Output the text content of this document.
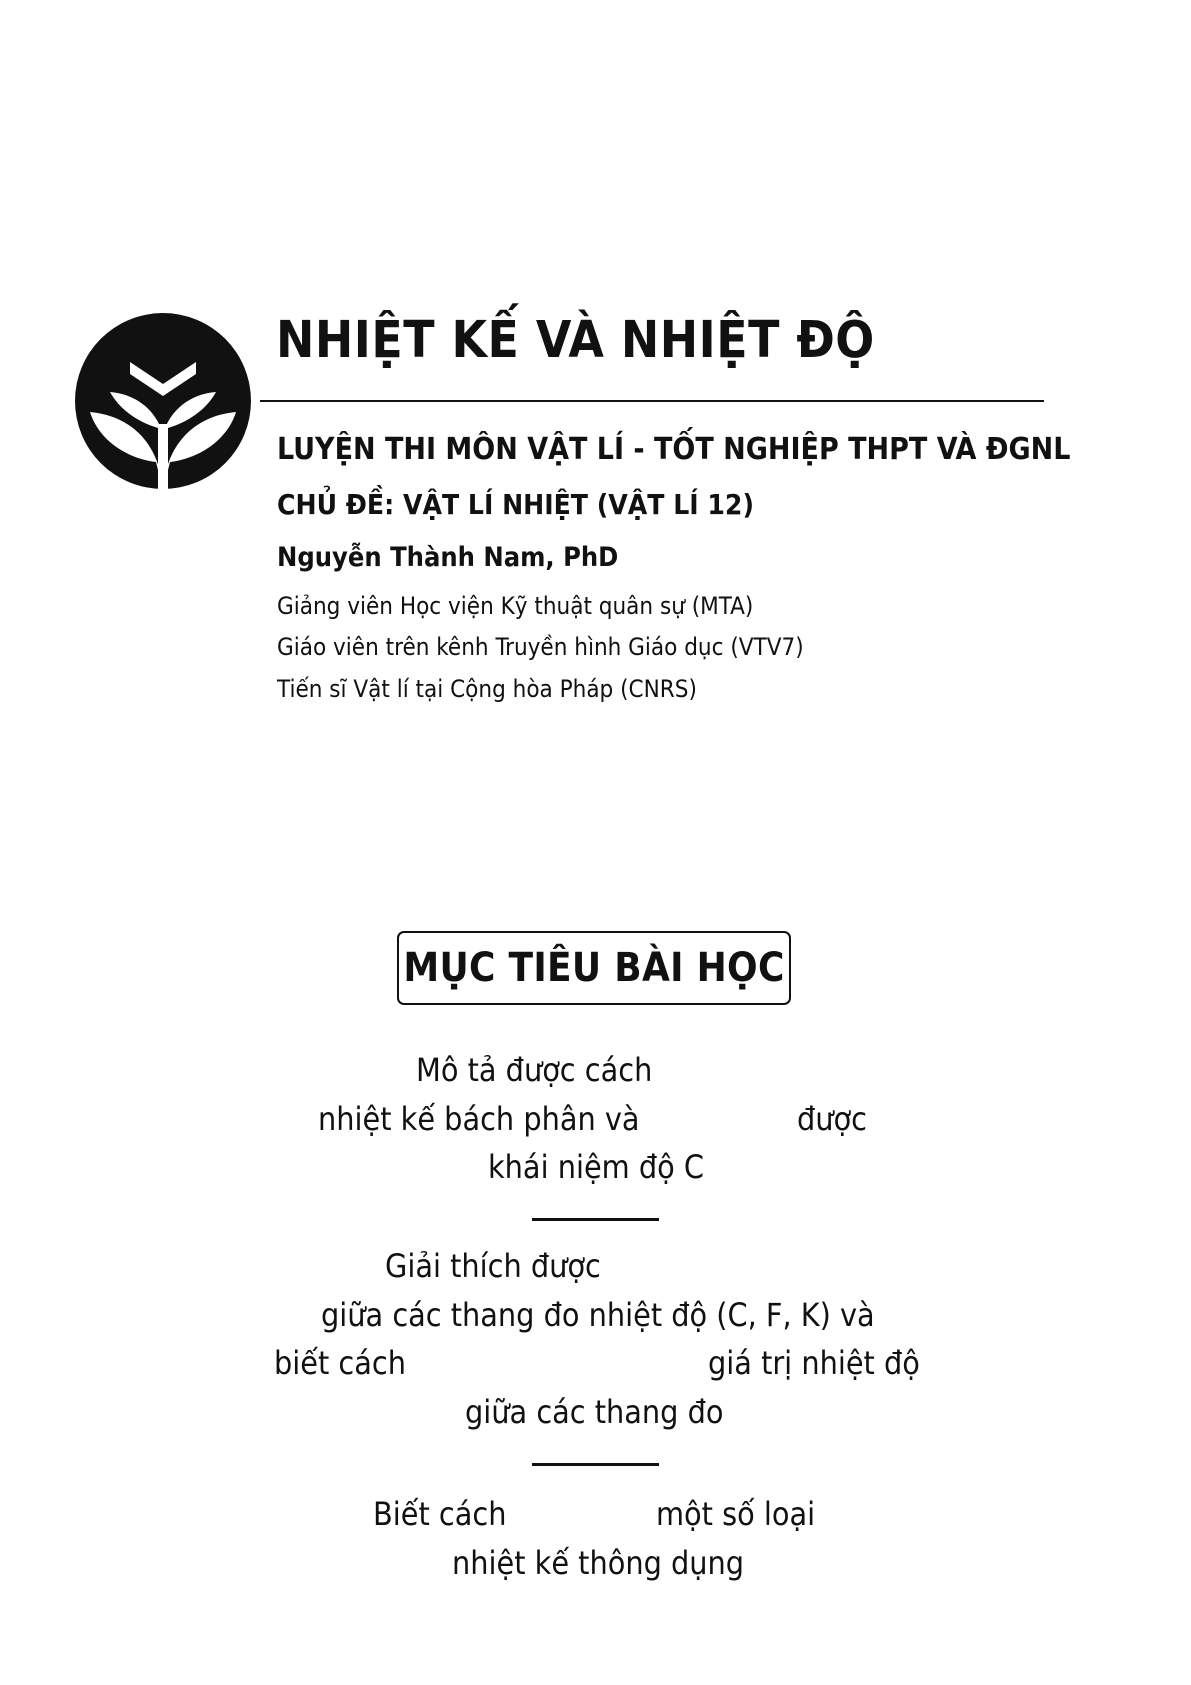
NHIỆT KẾ VÀ NHIỆT ĐỘ

LUYỆN THI MÔN VẬT LÍ - TỐT NGHIỆP THPT VÀ ĐGNL

CHỦ ĐỀ: VẬT LÍ NHIỆT (VẬT LÍ 12)

Nguyễn Thành Nam, PhD

Giảng viên Học viện Kỹ thuật quân sự (MTA)

Giáo viên trên kênh Truyền hình Giáo dục (VTV7)

Tiến sĩ Vật lí tại Cộng hòa Pháp (CNRS)

MỤC TIÊU BÀI HỌC
Mô tả được cách
nhiệt kế bách phân và	được
khái niệm độ C
Giải thích được
giữa các thang đo nhiệt độ (C, F, K) và
biết cách	giá trị nhiệt độ
giữa các thang đo
Biết cách	một số loại
nhiệt kế thông dụng
